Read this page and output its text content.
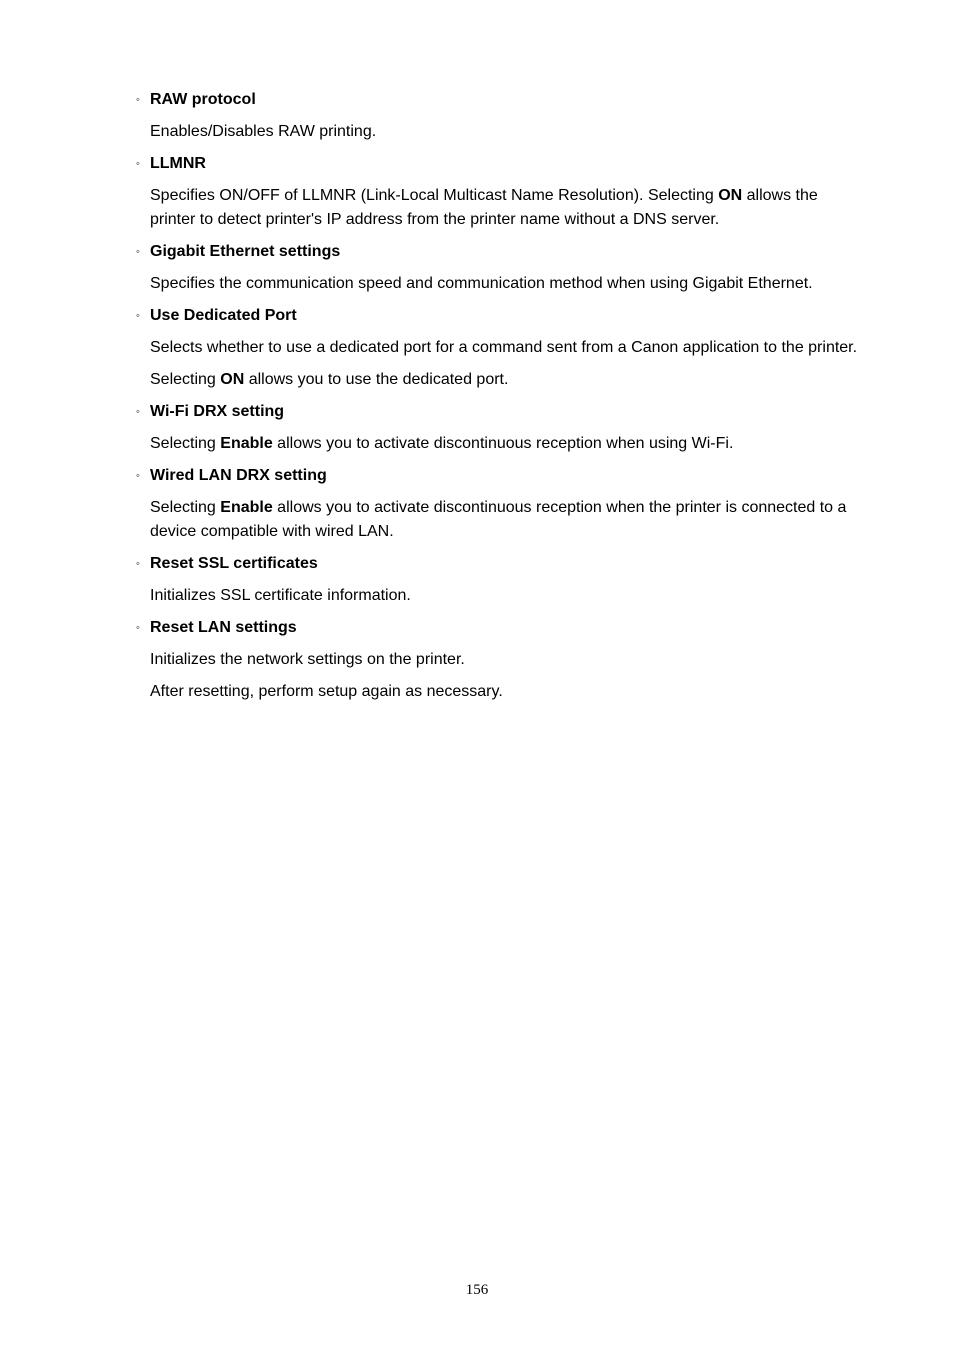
◦ RAW protocol
Enables/Disables RAW printing.
◦ LLMNR
Specifies ON/OFF of LLMNR (Link-Local Multicast Name Resolution). Selecting ON allows the printer to detect printer's IP address from the printer name without a DNS server.
◦ Gigabit Ethernet settings
Specifies the communication speed and communication method when using Gigabit Ethernet.
◦ Use Dedicated Port
Selects whether to use a dedicated port for a command sent from a Canon application to the printer.
Selecting ON allows you to use the dedicated port.
◦ Wi-Fi DRX setting
Selecting Enable allows you to activate discontinuous reception when using Wi-Fi.
◦ Wired LAN DRX setting
Selecting Enable allows you to activate discontinuous reception when the printer is connected to a device compatible with wired LAN.
◦ Reset SSL certificates
Initializes SSL certificate information.
◦ Reset LAN settings
Initializes the network settings on the printer.
After resetting, perform setup again as necessary.
156
